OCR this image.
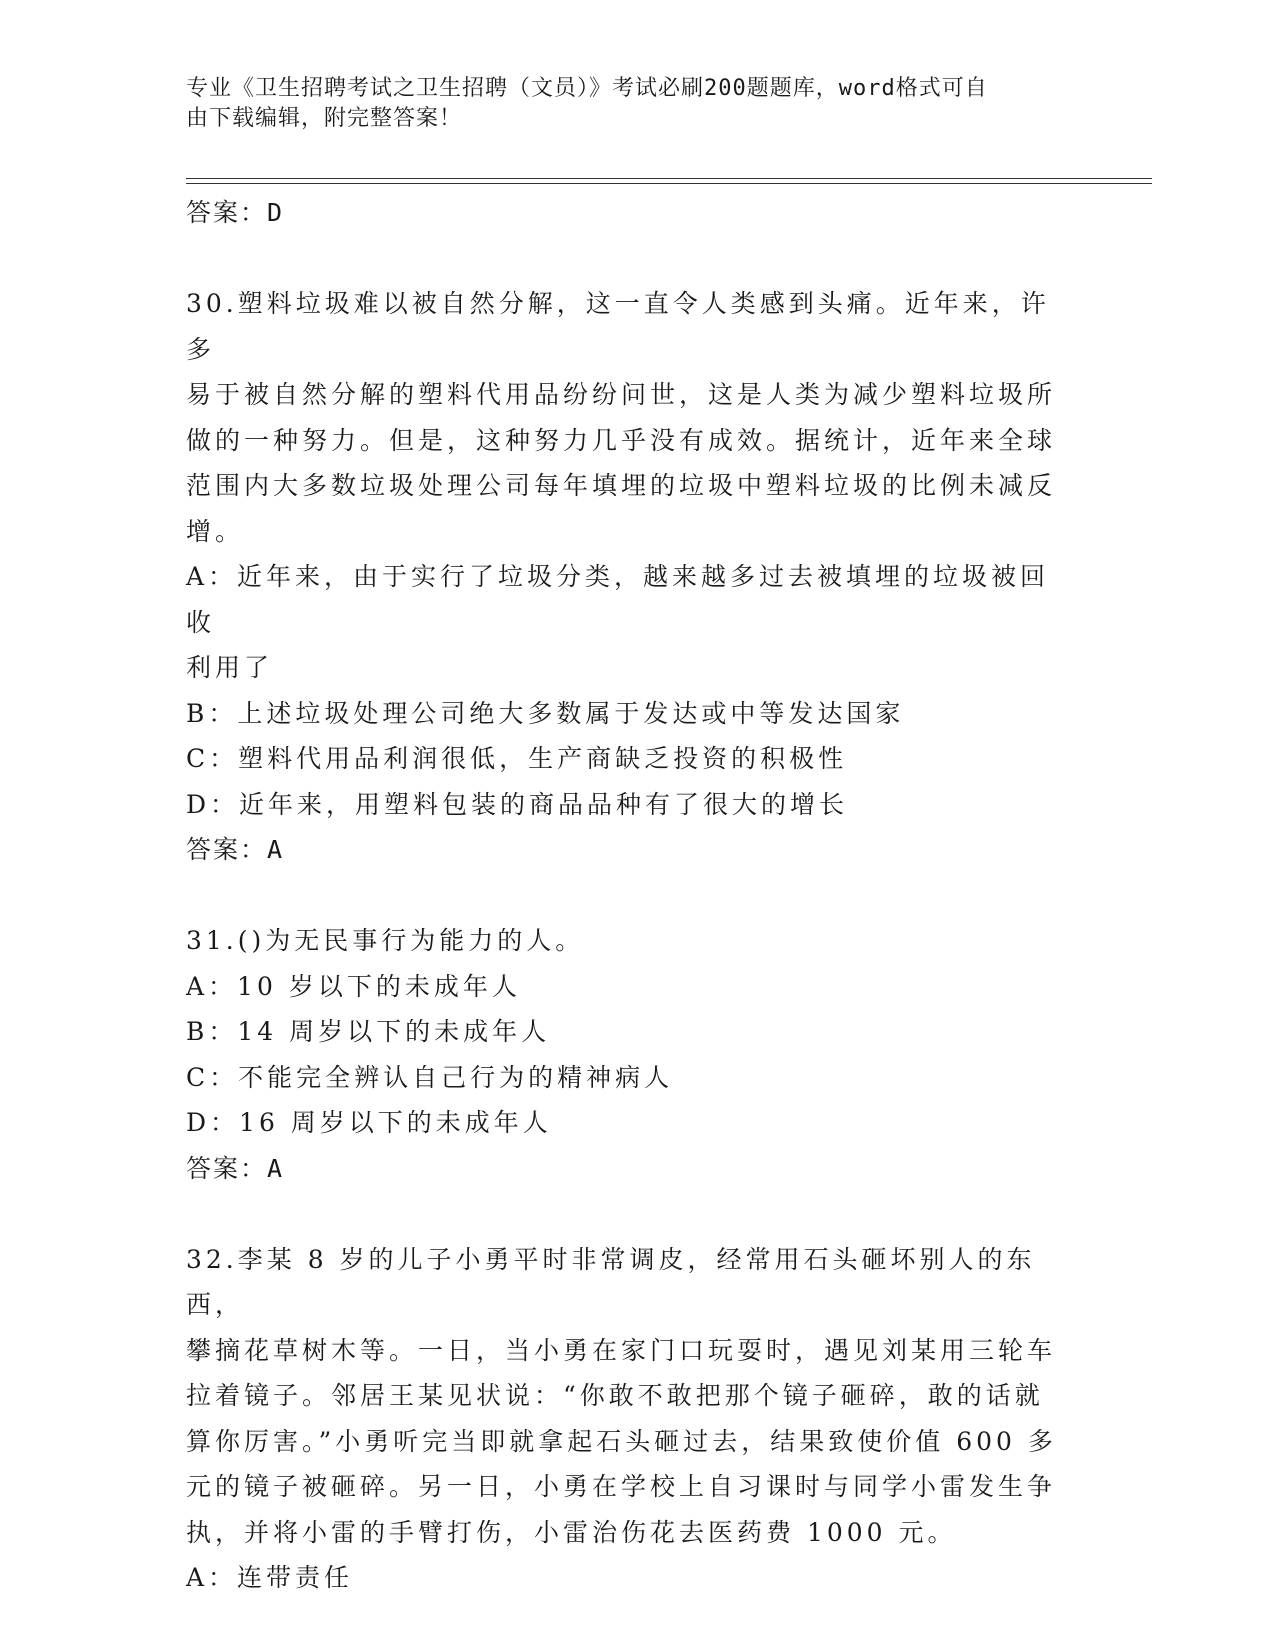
专业《卫生招聘考试之卫生招聘（文员）》考试必刷200题题库，word格式可自
由下载编辑，附完整答案！

答案：D

30.塑料垃圾难以被自然分解，这一直令人类感到头痛。近年来，许多

易于被自然分解的塑料代用品纷纷问世，这是人类为减少塑料垃圾所

做的一种努力。但是，这种努力几乎没有成效。据统计，近年来全球

范围内大多数垃圾处理公司每年填埋的垃圾中塑料垃圾的比例未减反

增。

A：近年来，由于实行了垃圾分类，越来越多过去被填埋的垃圾被回收

利用了

B：上述垃圾处理公司绝大多数属于发达或中等发达国家

C：塑料代用品利润很低，生产商缺乏投资的积极性

D：近年来，用塑料包装的商品品种有了很大的增长

答案：A

31.()为无民事行为能力的人。

A：10 岁以下的未成年人

B：14 周岁以下的未成年人

C：不能完全辨认自己行为的精神病人

D：16 周岁以下的未成年人

答案：A

32.李某 8 岁的儿子小勇平时非常调皮，经常用石头砸坏别人的东西，

攀摘花草树木等。一日，当小勇在家门口玩耍时，遇见刘某用三轮车

拉着镜子。邻居王某见状说：“你敢不敢把那个镜子砸碎，敢的话就

算你厉害。”小勇听完当即就拿起石头砸过去，结果致使价值 600 多

元的镜子被砸碎。另一日，小勇在学校上自习课时与同学小雷发生争

执，并将小雷的手臂打伤，小雷治伤花去医药费 1000 元。

A：连带责任
